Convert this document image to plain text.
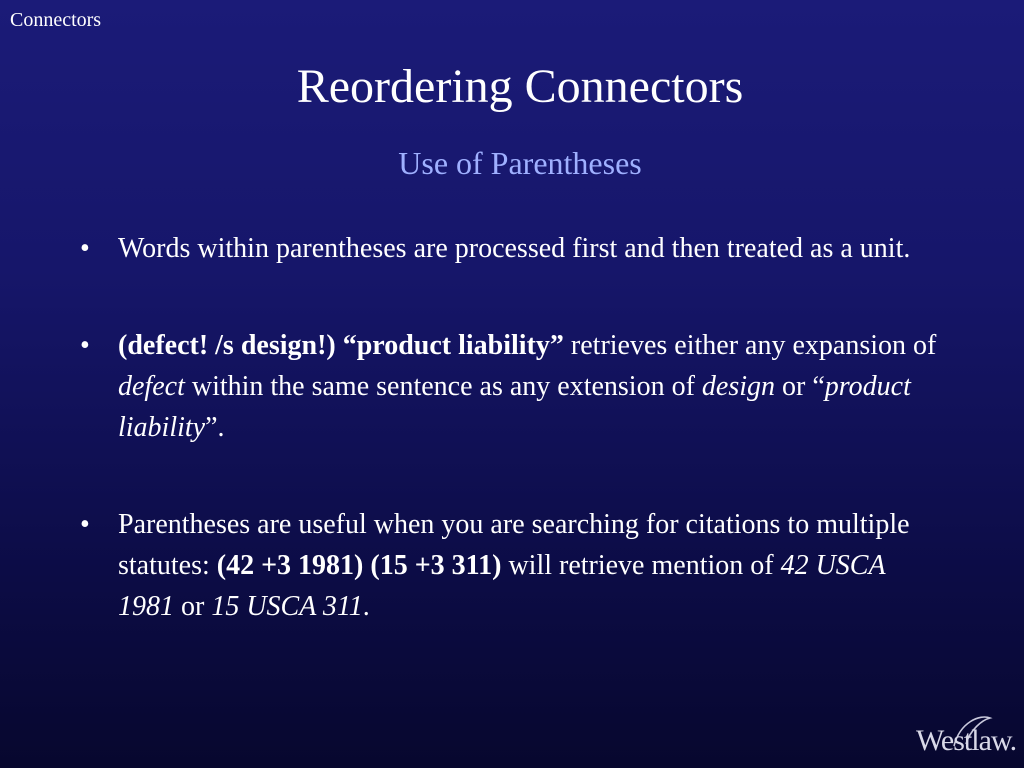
Connectors
Reordering Connectors
Use of Parentheses
• Words within parentheses are processed first and then treated as a unit.
• (defect! /s design!) “product liability” retrieves either any expansion of defect within the same sentence as any extension of design or “product liability”.
• Parentheses are useful when you are searching for citations to multiple statutes: (42 +3 1981) (15 +3 311) will retrieve mention of 42 USCA 1981 or 15 USCA 311.
Westlaw.
